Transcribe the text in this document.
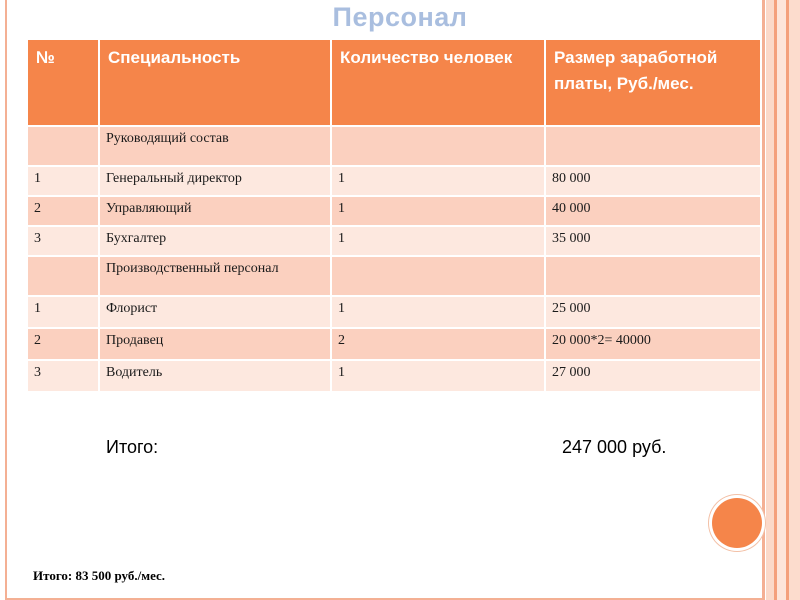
Персонал
№	Специальность	Количество человек	Размер заработной платы, Руб./мес.
	Руководящий состав		
1	Генеральный директор	1	80 000
2	Управляющий	1	40 000
3	Бухгалтер	1	35 000
	Производственный персонал		
1	Флорист	1	25 000
2	Продавец	2	20 000*2= 40000
3	Водитель	1	27 000
Итого:	247 000 руб.
Итого: 83 500 руб./мес.
